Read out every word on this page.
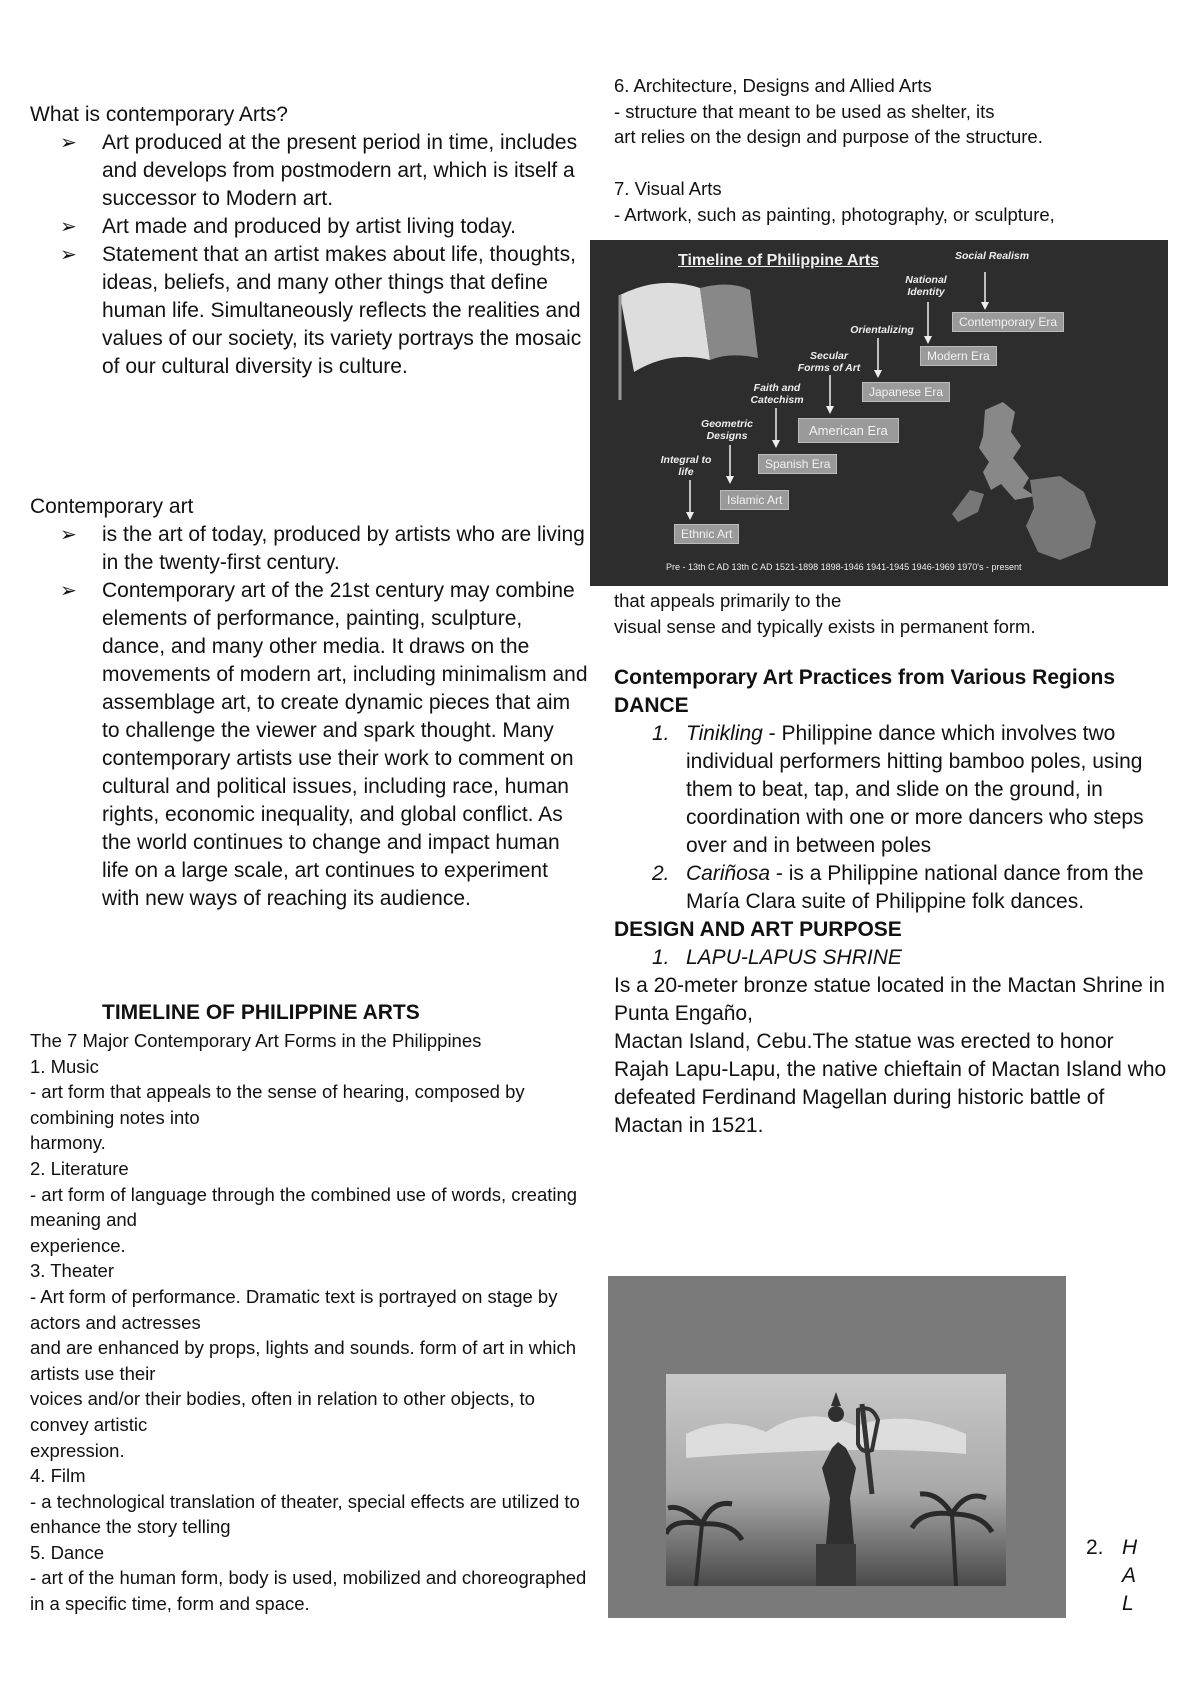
What is contemporary Arts?

➢ Art produced at the present period in time, includes and develops from postmodern art, which is itself a successor to Modern art.
➢ Art made and produced by artist living today.
➢ Statement that an artist makes about life, thoughts, ideas, beliefs, and many other things that define human life. Simultaneously reflects the realities and values of our society, its variety portrays the mosaic of our cultural diversity is culture.

Contemporary art

➢ is the art of today, produced by artists who are living in the twenty-first century.
➢ Contemporary art of the 21st century may combine elements of performance, painting, sculpture, dance, and many other media. It draws on the movements of modern art, including minimalism and assemblage art, to create dynamic pieces that aim to challenge the viewer and spark thought. Many contemporary artists use their work to comment on cultural and political issues, including race, human rights, economic inequality, and global conflict. As the world continues to change and impact human life on a large scale, art continues to experiment with new ways of reaching its audience.

TIMELINE OF PHILIPPINE ARTS

The 7 Major Contemporary Art Forms in the Philippines

1. Music

- art form that appeals to the sense of hearing, composed by combining notes into

harmony.

2. Literature

- art form of language through the combined use of words, creating meaning and

experience.

3. Theater

- Art form of performance. Dramatic text is portrayed on stage by actors and actresses

and are enhanced by props, lights and sounds. form of art in which artists use their

voices and/or their bodies, often in relation to other objects, to convey artistic

expression.

4. Film

- a technological translation of theater, special effects are utilized to enhance the story telling

5. Dance

- art of the human form, body is used, mobilized and choreographed in a specific time, form and space.

6. Architecture, Designs and Allied Arts

- structure that meant to be used as shelter, its

art relies on the design and purpose of the structure.

7. Visual Arts

- Artwork, such as painting, photography, or sculpture,

that appeals primarily to the

visual sense and typically exists in permanent form.

Contemporary Art Practices from Various Regions

DANCE

1. Tinikling - Philippine dance which involves two individual performers hitting bamboo poles, using them to beat, tap, and slide on the ground, in coordination with one or more dancers who steps over and in between poles
2. Cariñosa - is a Philippine national dance from the María Clara suite of Philippine folk dances.

DESIGN AND ART PURPOSE

1. LAPU-LAPUS SHRINE

Is a 20-meter bronze statue located in the Mactan Shrine in Punta Engaño,

Mactan Island, Cebu.The statue was erected to honor Rajah Lapu-Lapu, the native chieftain of Mactan Island who defeated Ferdinand Magellan during historic battle of

Mactan in 1521.

Timeline of Philippine Arts	Social Realism
National Identity
Orientalizing
Secular Forms of Art
Faith and Catechism
Geometric Designs
Integral to life
Contemporary Era
Modern Era
Japanese Era
American Era
Spanish Era
Islamic Art
Ethnic Art
Pre - 13th C AD 13th C AD 1521-1898 1898-1946 1941-1945 1946-1969 1970's - present
2. H

A

L
